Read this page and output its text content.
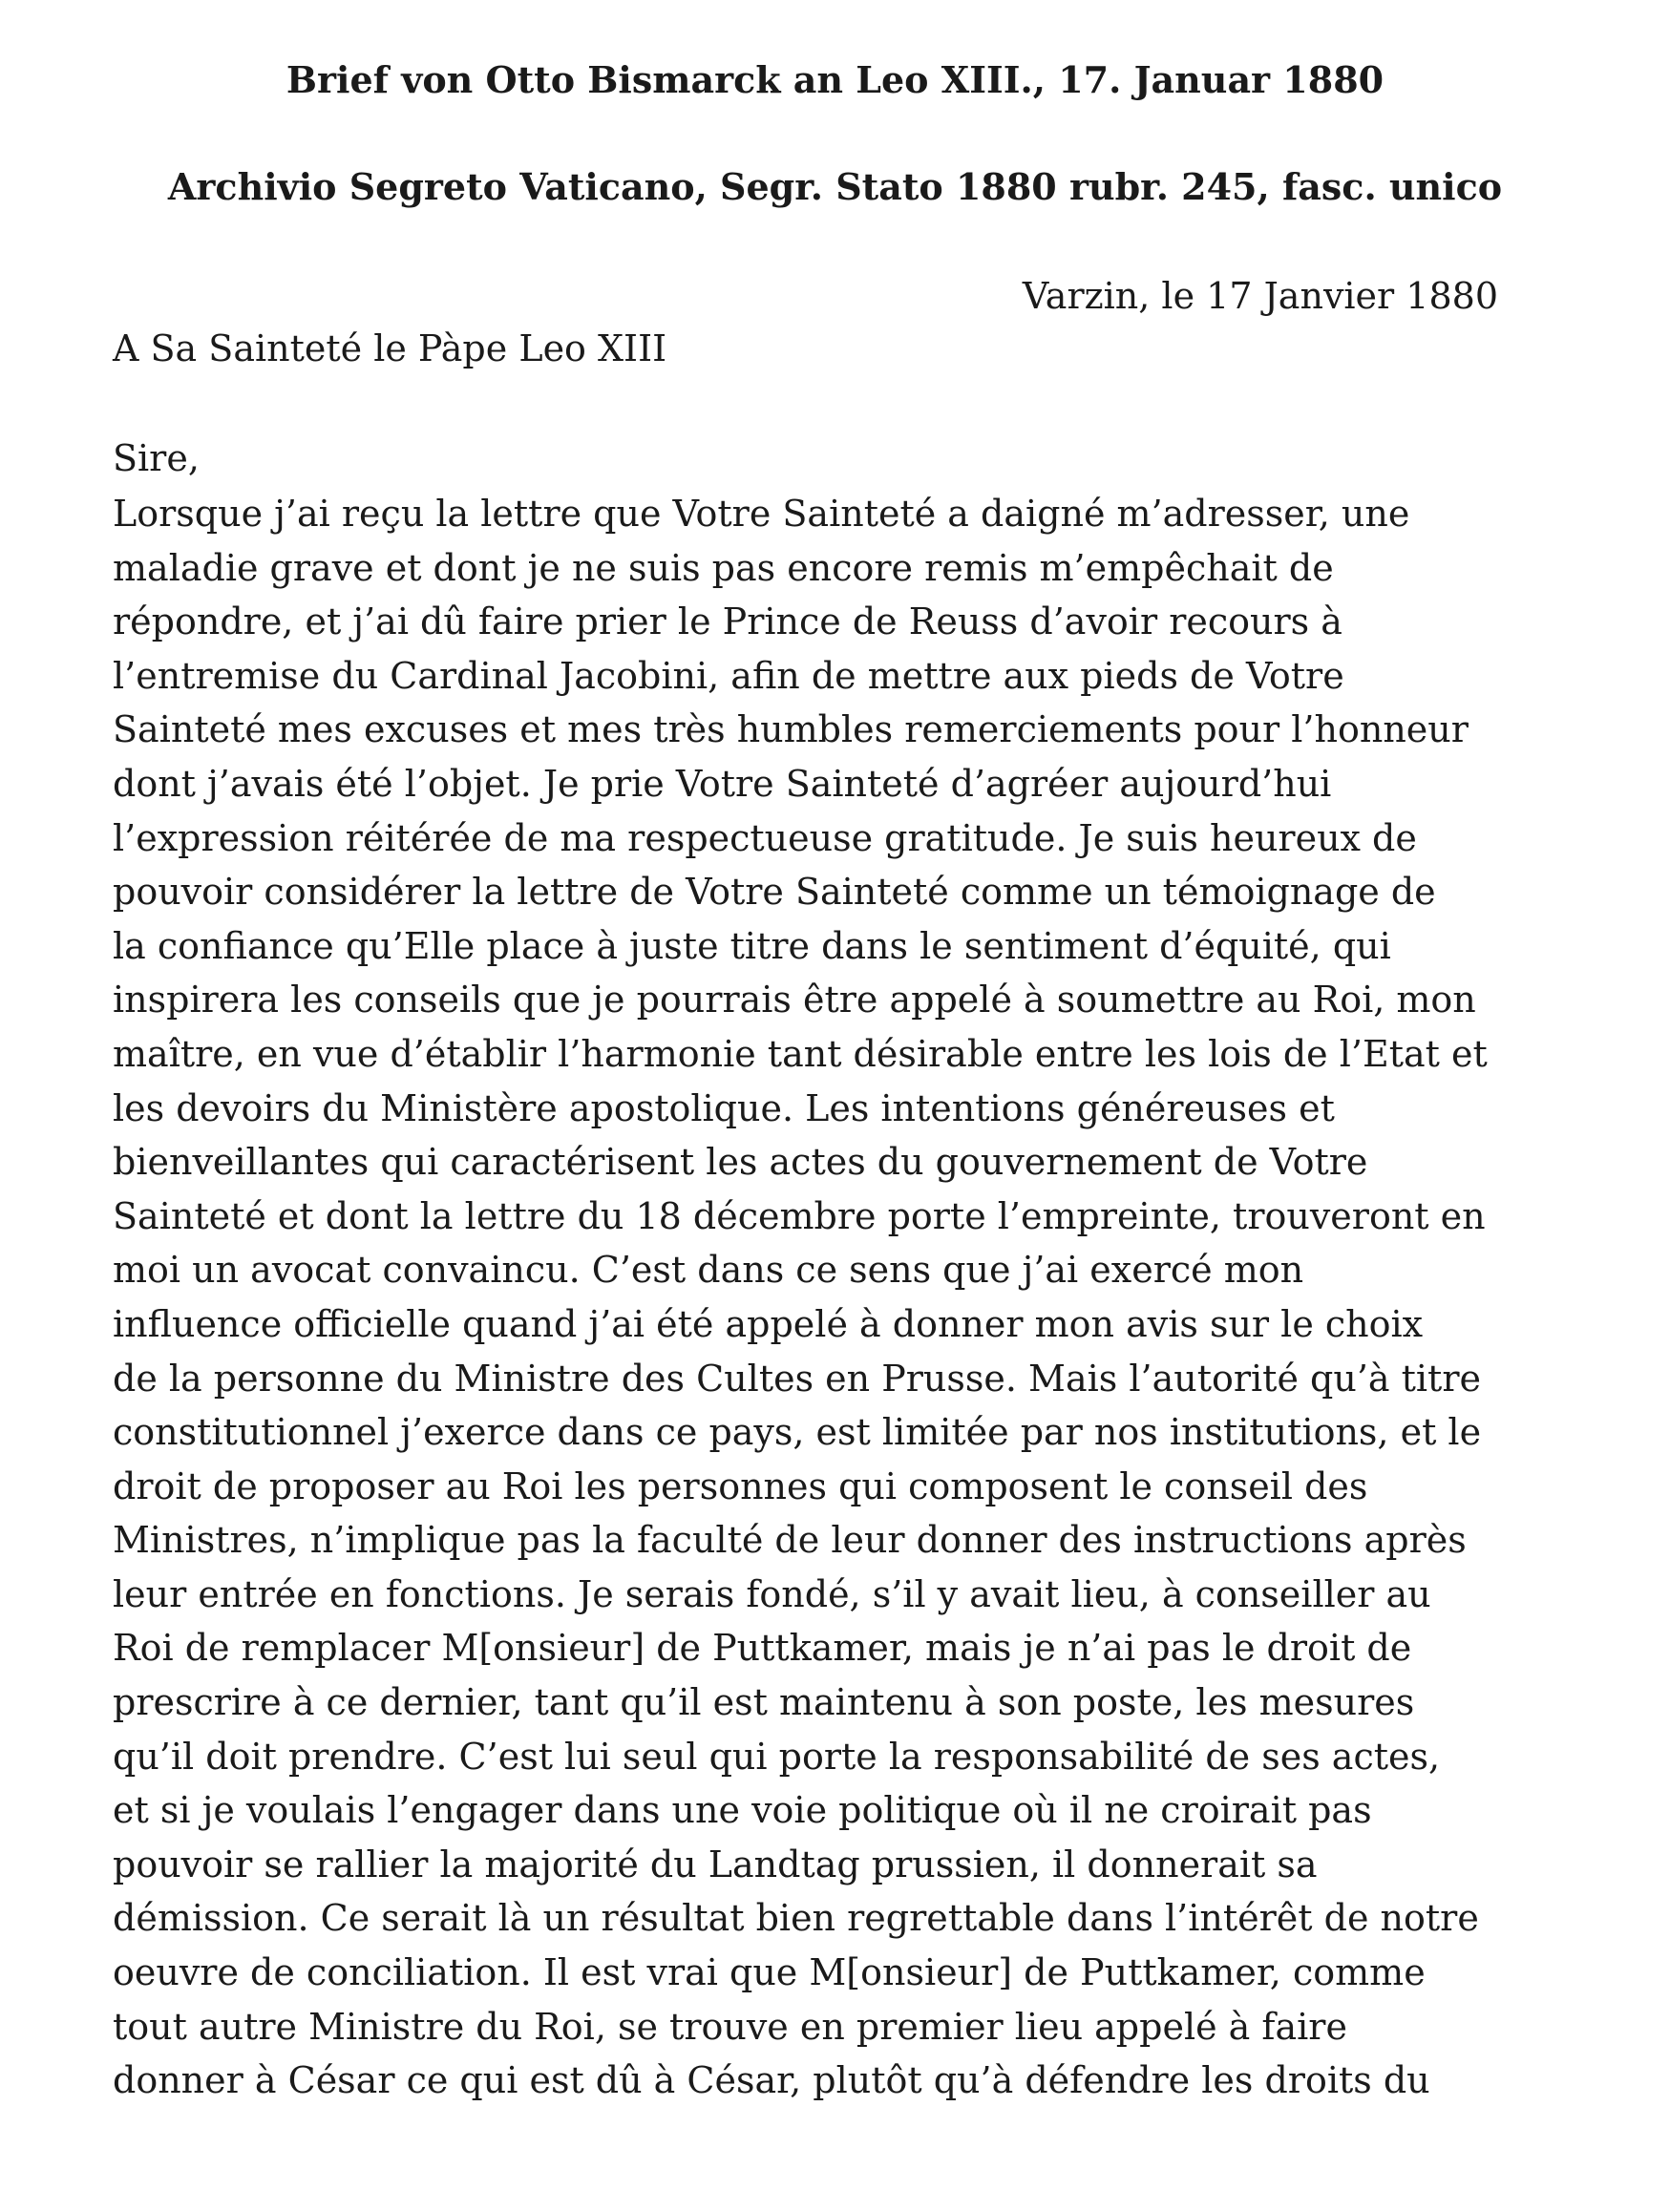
Brief von Otto Bismarck an Leo XIII., 17. Januar 1880
Archivio Segreto Vaticano, Segr. Stato 1880 rubr. 245, fasc. unico
Varzin, le 17 Janvier 1880
A Sa Sainteté le Pàpe Leo XIII
Sire,
Lorsque j’ai reçu la lettre que Votre Sainteté a daigné m’adresser, une
maladie grave et dont je ne suis pas encore remis m’empêchait de
répondre, et j’ai dû faire prier le Prince de Reuss d’avoir recours à
l’entremise du Cardinal Jacobini, afin de mettre aux pieds de Votre
Sainteté mes excuses et mes très humbles remerciements pour l’honneur
dont j’avais été l’objet. Je prie Votre Sainteté d’agréer aujourd’hui
l’expression réitérée de ma respectueuse gratitude. Je suis heureux de
pouvoir considérer la lettre de Votre Sainteté comme un témoignage de
la confiance qu’Elle place à juste titre dans le sentiment d’équité, qui
inspirera les conseils que je pourrais être appelé à soumettre au Roi, mon
maître, en vue d’établir l’harmonie tant désirable entre les lois de l’Etat et
les devoirs du Ministère apostolique. Les intentions généreuses et
bienveillantes qui caractérisent les actes du gouvernement de Votre
Sainteté et dont la lettre du 18 décembre porte l’empreinte, trouveront en
moi un avocat convaincu. C’est dans ce sens que j’ai exercé mon
influence officielle quand j’ai été appelé à donner mon avis sur le choix
de la personne du Ministre des Cultes en Prusse. Mais l’autorité qu’à titre
constitutionnel j’exerce dans ce pays, est limitée par nos institutions, et le
droit de proposer au Roi les personnes qui composent le conseil des
Ministres, n’implique pas la faculté de leur donner des instructions après
leur entrée en fonctions. Je serais fondé, s’il y avait lieu, à conseiller au
Roi de remplacer M[onsieur] de Puttkamer, mais je n’ai pas le droit de
prescrire à ce dernier, tant qu’il est maintenu à son poste, les mesures
qu’il doit prendre. C’est lui seul qui porte la responsabilité de ses actes,
et si je voulais l’engager dans une voie politique où il ne croirait pas
pouvoir se rallier la majorité du Landtag prussien, il donnerait sa
démission. Ce serait là un résultat bien regrettable dans l’intérêt de notre
oeuvre de conciliation. Il est vrai que M[onsieur] de Puttkamer, comme
tout autre Ministre du Roi, se trouve en premier lieu appelé à faire
donner à César ce qui est dû à César, plutôt qu’à défendre les droits du
